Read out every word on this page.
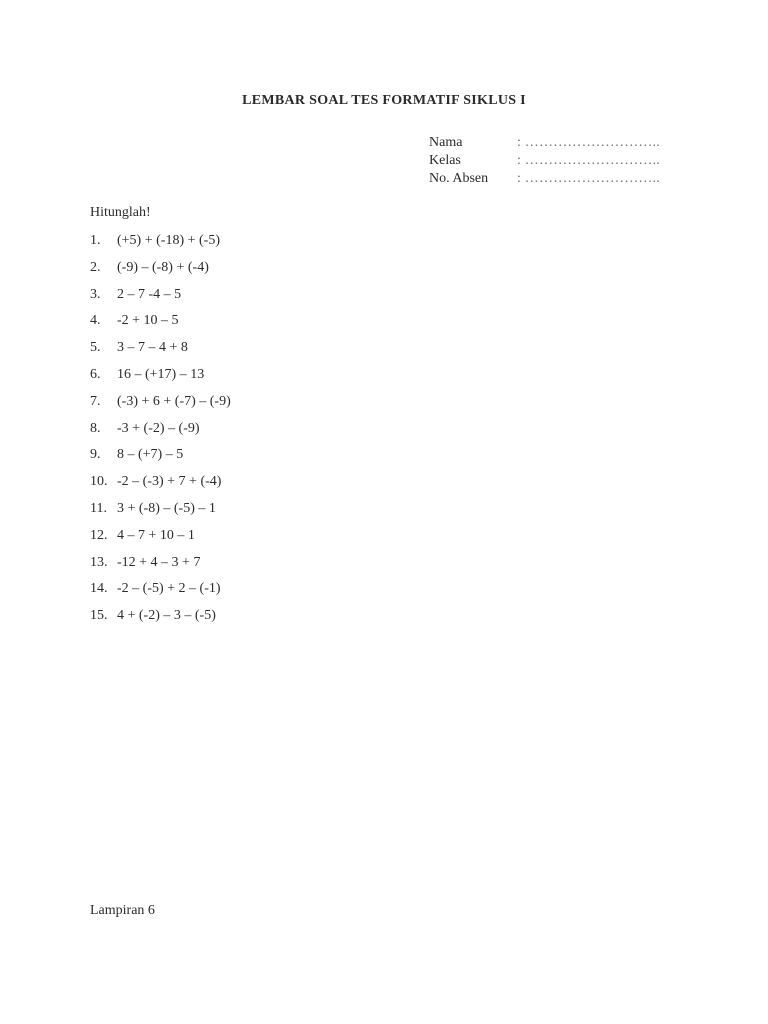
LEMBAR SOAL TES FORMATIF SIKLUS I
Nama	: ………………………..
Kelas	: ………………………..
No. Absen	: ………………………..
Hitunglah!
1.	(+5) + (-18) + (-5)
2.	(-9) – (-8) + (-4)
3.	2 – 7 -4 – 5
4.	-2 + 10 – 5
5.	3 – 7 – 4 + 8
6.	16 – (+17) – 13
7.	(-3) + 6 + (-7) – (-9)
8.	-3 + (-2) – (-9)
9.	8 – (+7) – 5
10. -2 – (-3) + 7 + (-4)
11. 3 + (-8) – (-5) – 1
12. 4 – 7 + 10 – 1
13. -12 + 4 – 3 + 7
14. -2 – (-5) + 2 – (-1)
15. 4 + (-2) – 3 – (-5)
Lampiran 6
